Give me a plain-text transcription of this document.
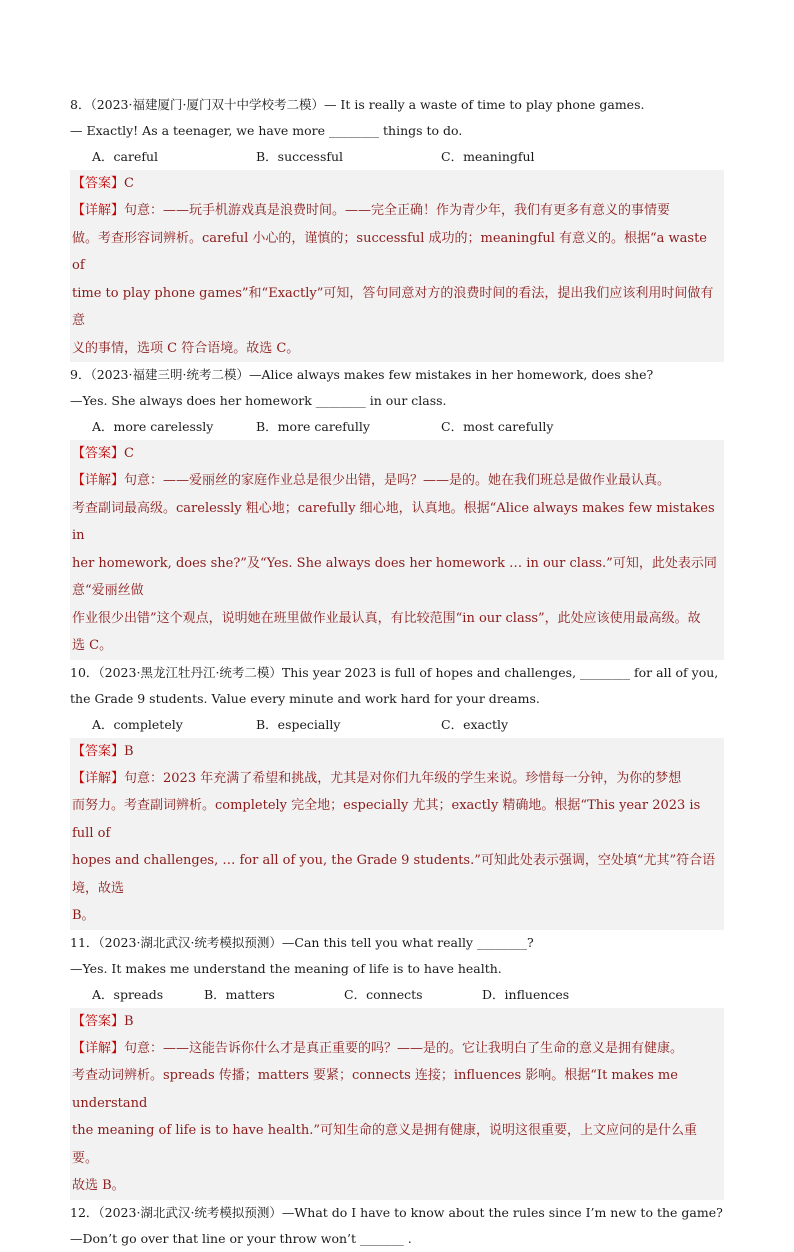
8．（2023·福建厦门·厦门双十中学校考二模）— It is really a waste of time to play phone games.
— Exactly! As a teenager, we have more ________ things to do.
A．careful	B．successful	C．meaningful
【答案】C
【详解】句意：——玩手机游戏真是浪费时间。——完全正确！作为青少年，我们有更多有意义的事情要
做。考查形容词辨析。careful 小心的，谨慎的；successful 成功的；meaningful 有意义的。根据“a waste of
time to play phone games”和“Exactly”可知，答句同意对方的浪费时间的看法，提出我们应该利用时间做有意
义的事情，选项 C 符合语境。故选 C。
9．（2023·福建三明·统考二模）—Alice always makes few mistakes in her homework, does she?
—Yes. She always does her homework ________ in our class.
A．more carelessly	B．more carefully	C．most carefully
【答案】C
【详解】句意：——爱丽丝的家庭作业总是很少出错，是吗？——是的。她在我们班总是做作业最认真。
考查副词最高级。carelessly 粗心地；carefully 细心地，认真地。根据“Alice always makes few mistakes in
her homework, does she?”及“Yes. She always does her homework … in our class.”可知，此处表示同意“爱丽丝做
作业很少出错”这个观点，说明她在班里做作业最认真，有比较范围“in our class”，此处应该使用最高级。故
选 C。
10．（2023·黑龙江牡丹江·统考二模）This year 2023 is full of hopes and challenges, ________ for all of you,
the Grade 9 students. Value every minute and work hard for your dreams.
A．completely	B．especially	C．exactly
【答案】B
【详解】句意：2023 年充满了希望和挑战，尤其是对你们九年级的学生来说。珍惜每一分钟，为你的梦想
而努力。考查副词辨析。completely 完全地；especially 尤其；exactly 精确地。根据“This year 2023 is full of
hopes and challenges, … for all of you, the Grade 9 students.”可知此处表示强调，空处填“尤其”符合语境，故选
B。
11．（2023·湖北武汉·统考模拟预测）—Can this tell you what really ________?
—Yes. It makes me understand the meaning of life is to have health.
A．spreads	B．matters	C．connects	D．influences
【答案】B
【详解】句意：——这能告诉你什么才是真正重要的吗？——是的。它让我明白了生命的意义是拥有健康。
考查动词辨析。spreads 传播；matters 要紧；connects 连接；influences 影响。根据“It makes me understand
the meaning of life is to have health.”可知生命的意义是拥有健康，说明这很重要，上文应问的是什么重要。
故选 B。
12．（2023·湖北武汉·统考模拟预测）—What do I have to know about the rules since I’m new to the game?
—Don’t go over that line or your throw won’t _______ .
